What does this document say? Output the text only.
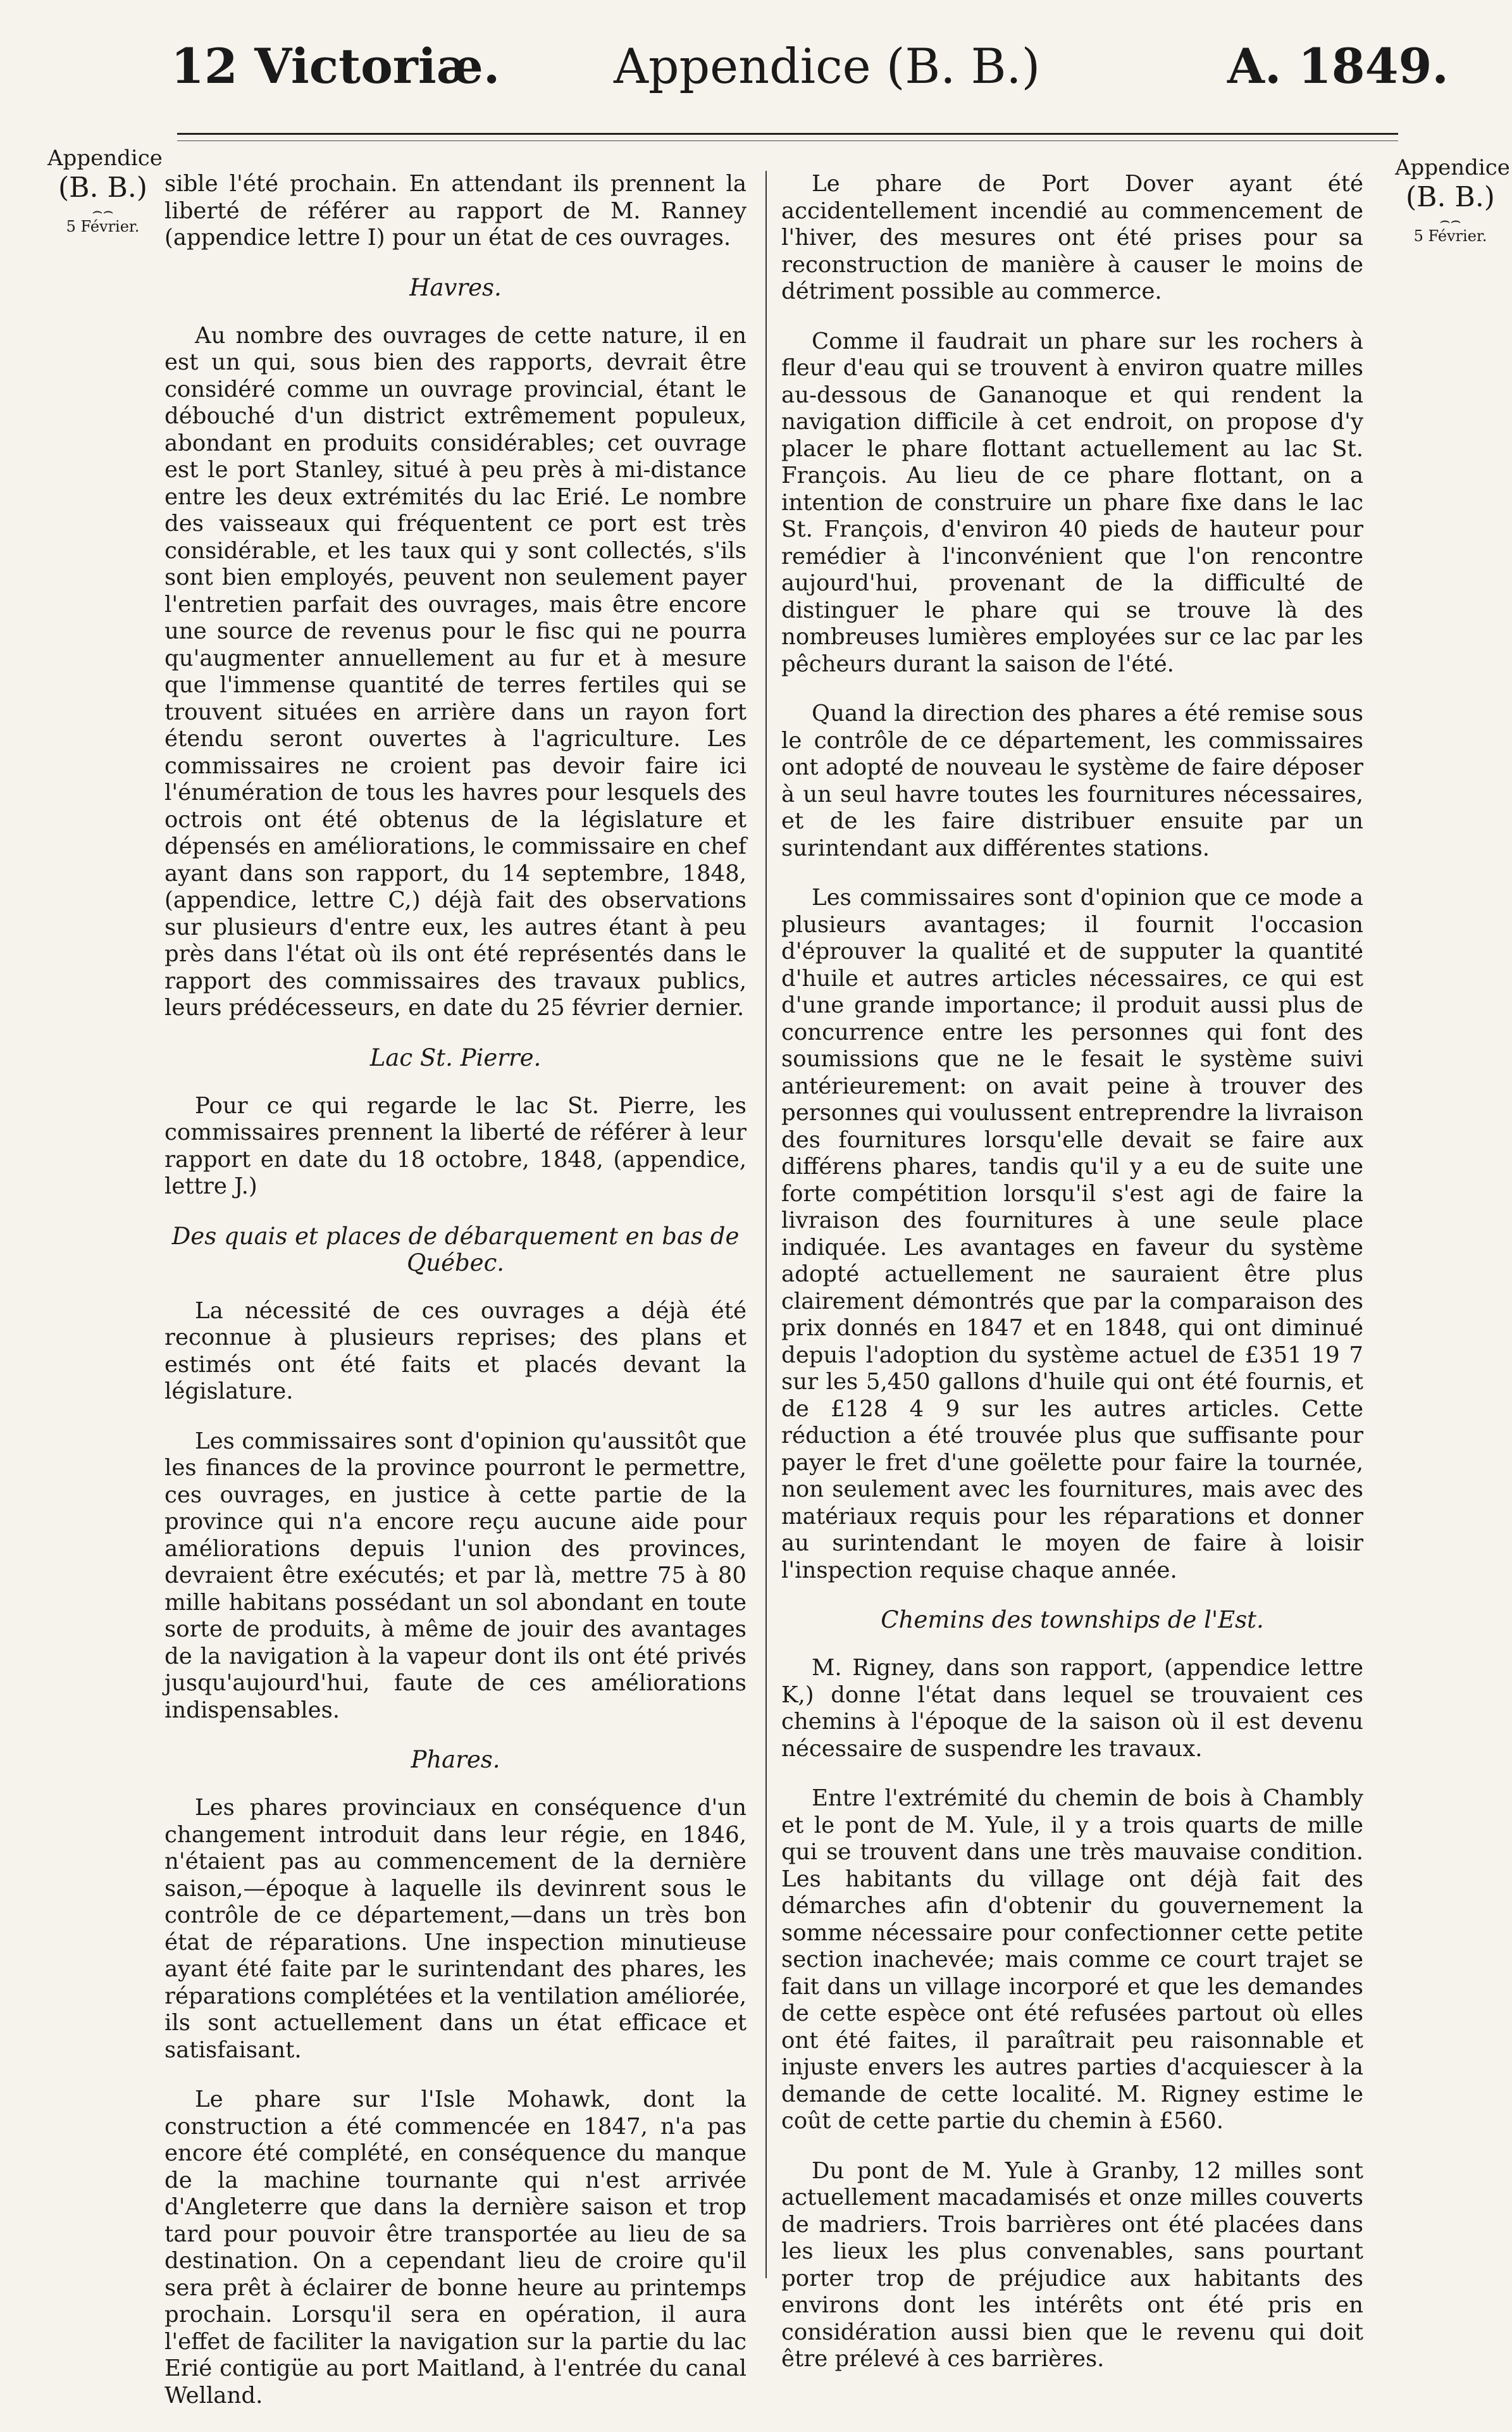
12 Victoriæ. Appendice (B. B.)	A. 1849.
Appendice
(B. B.)
⌢⌢
5 Février.
Appendice
(B. B.)
⌢⌢
5 Février.

sible l'été prochain. En attendant ils prennent la liberté de référer au rapport de M. Ranney (appendice lettre I) pour un état de ces ouvrages.

Havres.

Au nombre des ouvrages de cette nature, il en est un qui, sous bien des rapports, devrait être considéré comme un ouvrage provincial, étant le débouché d'un district extrêmement populeux, abondant en produits considérables; cet ouvrage est le port Stanley, situé à peu près à mi-distance entre les deux extrémités du lac Erié. Le nombre des vaisseaux qui fréquentent ce port est très considérable, et les taux qui y sont collectés, s'ils sont bien employés, peuvent non seulement payer l'entretien parfait des ouvrages, mais être encore une source de revenus pour le fisc qui ne pourra qu'augmenter annuellement au fur et à mesure que l'immense quantité de terres fertiles qui se trouvent situées en arrière dans un rayon fort étendu seront ouvertes à l'agriculture. Les commissaires ne croient pas devoir faire ici l'énumération de tous les havres pour lesquels des octrois ont été obtenus de la législature et dépensés en améliorations, le commissaire en chef ayant dans son rapport, du 14 septembre, 1848, (appendice, lettre C,) déjà fait des observations sur plusieurs d'entre eux, les autres étant à peu près dans l'état où ils ont été représentés dans le rapport des commissaires des travaux publics, leurs prédécesseurs, en date du 25 février dernier.

Lac St. Pierre.

Pour ce qui regarde le lac St. Pierre, les commissaires prennent la liberté de référer à leur rapport en date du 18 octobre, 1848, (appendice, lettre J.)

Des quais et places de débarquement en bas de Québec.

La nécessité de ces ouvrages a déjà été reconnue à plusieurs reprises; des plans et estimés ont été faits et placés devant la législature.

Les commissaires sont d'opinion qu'aussitôt que les finances de la province pourront le permettre, ces ouvrages, en justice à cette partie de la province qui n'a encore reçu aucune aide pour améliorations depuis l'union des provinces, devraient être exécutés; et par là, mettre 75 à 80 mille habitans possédant un sol abondant en toute sorte de produits, à même de jouir des avantages de la navigation à la vapeur dont ils ont été privés jusqu'aujourd'hui, faute de ces améliorations indispensables.

Phares.

Les phares provinciaux en conséquence d'un changement introduit dans leur régie, en 1846, n'étaient pas au commencement de la dernière saison,—époque à laquelle ils devinrent sous le contrôle de ce département,—dans un très bon état de réparations. Une inspection minutieuse ayant été faite par le surintendant des phares, les réparations complétées et la ventilation améliorée, ils sont actuellement dans un état efficace et satisfaisant.

Le phare sur l'Isle Mohawk, dont la construction a été commencée en 1847, n'a pas encore été complété, en conséquence du manque de la machine tournante qui n'est arrivée d'Angleterre que dans la dernière saison et trop tard pour pouvoir être transportée au lieu de sa destination. On a cependant lieu de croire qu'il sera prêt à éclairer de bonne heure au printemps prochain. Lorsqu'il sera en opération, il aura l'effet de faciliter la navigation sur la partie du lac Erié contigüe au port Maitland, à l'entrée du canal Welland.

Le phare de Port Dover ayant été accidentellement incendié au commencement de l'hiver, des mesures ont été prises pour sa reconstruction de manière à causer le moins de détriment possible au commerce.

Comme il faudrait un phare sur les rochers à fleur d'eau qui se trouvent à environ quatre milles au-dessous de Gananoque et qui rendent la navigation difficile à cet endroit, on propose d'y placer le phare flottant actuellement au lac St. François. Au lieu de ce phare flottant, on a intention de construire un phare fixe dans le lac St. François, d'environ 40 pieds de hauteur pour remédier à l'inconvénient que l'on rencontre aujourd'hui, provenant de la difficulté de distinguer le phare qui se trouve là des nombreuses lumières employées sur ce lac par les pêcheurs durant la saison de l'été.

Quand la direction des phares a été remise sous le contrôle de ce département, les commissaires ont adopté de nouveau le système de faire déposer à un seul havre toutes les fournitures nécessaires, et de les faire distribuer ensuite par un surintendant aux différentes stations.

Les commissaires sont d'opinion que ce mode a plusieurs avantages; il fournit l'occasion d'éprouver la qualité et de supputer la quantité d'huile et autres articles nécessaires, ce qui est d'une grande importance; il produit aussi plus de concurrence entre les personnes qui font des soumissions que ne le fesait le système suivi antérieurement: on avait peine à trouver des personnes qui voulussent entreprendre la livraison des fournitures lorsqu'elle devait se faire aux différens phares, tandis qu'il y a eu de suite une forte compétition lorsqu'il s'est agi de faire la livraison des fournitures à une seule place indiquée. Les avantages en faveur du système adopté actuellement ne sauraient être plus clairement démontrés que par la comparaison des prix donnés en 1847 et en 1848, qui ont diminué depuis l'adoption du système actuel de £351 19 7 sur les 5,450 gallons d'huile qui ont été fournis, et de £128 4 9 sur les autres articles. Cette réduction a été trouvée plus que suffisante pour payer le fret d'une goëlette pour faire la tournée, non seulement avec les fournitures, mais avec des matériaux requis pour les réparations et donner au surintendant le moyen de faire à loisir l'inspection requise chaque année.

Chemins des townships de l'Est.

M. Rigney, dans son rapport, (appendice lettre K,) donne l'état dans lequel se trouvaient ces chemins à l'époque de la saison où il est devenu nécessaire de suspendre les travaux.

Entre l'extrémité du chemin de bois à Chambly et le pont de M. Yule, il y a trois quarts de mille qui se trouvent dans une très mauvaise condition. Les habitants du village ont déjà fait des démarches afin d'obtenir du gouvernement la somme nécessaire pour confectionner cette petite section inachevée; mais comme ce court trajet se fait dans un village incorporé et que les demandes de cette espèce ont été refusées partout où elles ont été faites, il paraîtrait peu raisonnable et injuste envers les autres parties d'acquiescer à la demande de cette localité. M. Rigney estime le coût de cette partie du chemin à £560.

Du pont de M. Yule à Granby, 12 milles sont actuellement macadamisés et onze milles couverts de madriers. Trois barrières ont été placées dans les lieux les plus convenables, sans pourtant porter trop de préjudice aux habitants des environs dont les intérêts ont été pris en considération aussi bien que le revenu qui doit être prélevé à ces barrières.
